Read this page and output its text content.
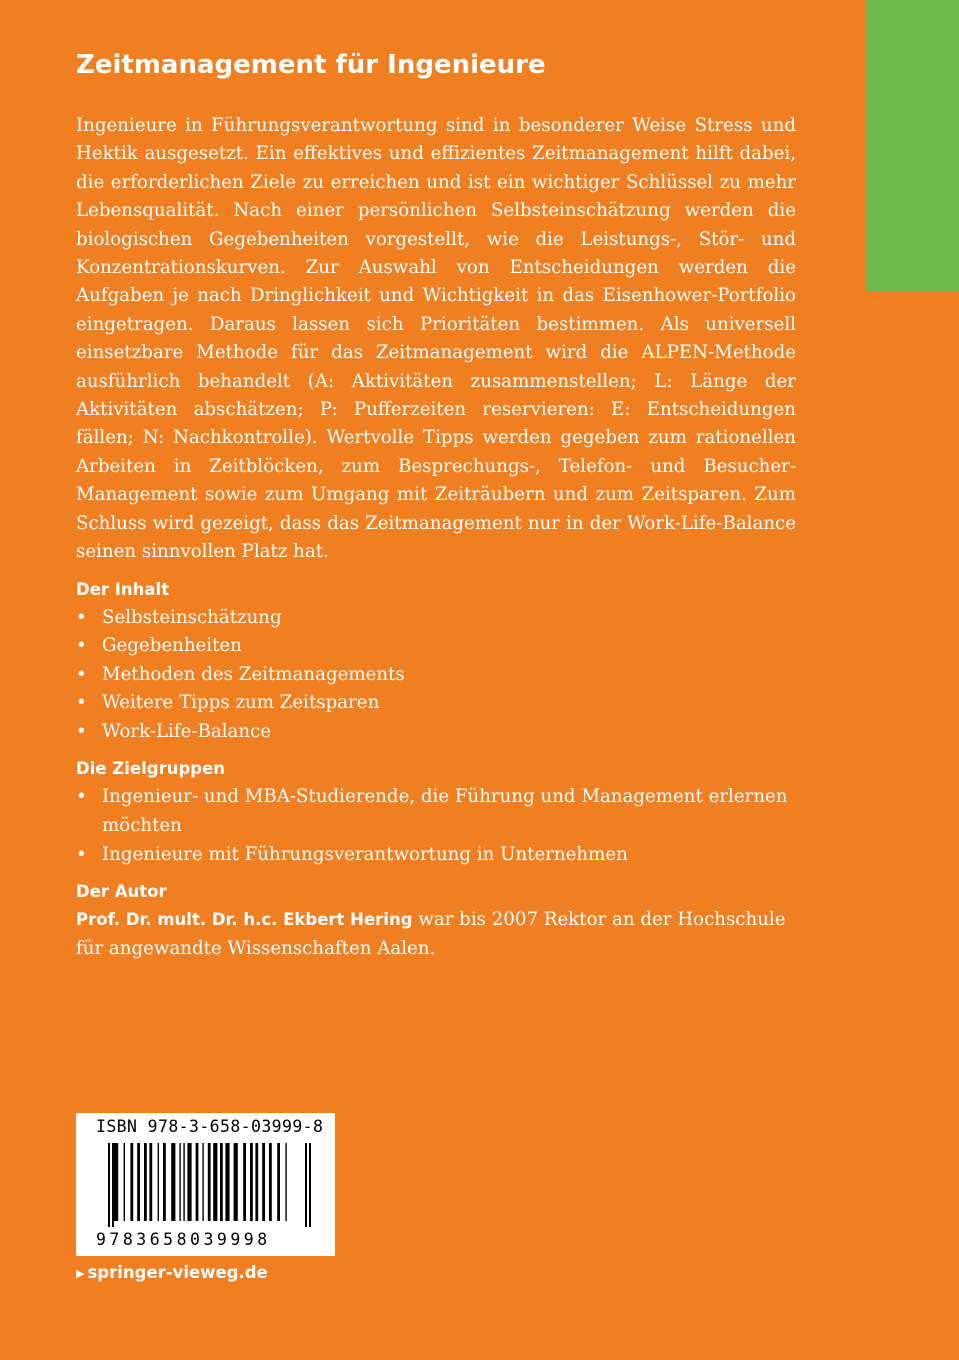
Zeitmanagement für Ingenieure

Ingenieure in Führungsverantwortung sind in besonderer Weise Stress und Hektik ausgesetzt. Ein effektives und effizientes Zeitmanagement hilft dabei, die erforderlichen Ziele zu erreichen und ist ein wichtiger Schlüssel zu mehr Lebensqualität. Nach einer persönlichen Selbsteinschätzung werden die biologischen Gegebenheiten vorgestellt, wie die Leistungs-, Stör- und Konzentrationskurven. Zur Auswahl von Entscheidungen werden die Aufgaben je nach Dringlichkeit und Wichtigkeit in das Eisenhower-Portfolio eingetragen. Daraus lassen sich Prioritäten bestimmen. Als universell einsetzbare Methode für das Zeitmanagement wird die ALPEN-Methode ausführlich behandelt (A: Aktivitäten zusammenstellen; L: Länge der Aktivitäten abschätzen; P: Pufferzeiten reservieren: E: Entscheidungen fällen; N: Nachkontrolle). Wertvolle Tipps werden gegeben zum rationellen Arbeiten in Zeitblöcken, zum Besprechungs-, Telefon- und Besucher-Management sowie zum Umgang mit Zeiträubern und zum Zeitsparen. Zum Schluss wird gezeigt, dass das Zeitmanagement nur in der Work-Life-Balance seinen sinnvollen Platz hat.

Der Inhalt
• Selbsteinschätzung
• Gegebenheiten
• Methoden des Zeitmanagements
• Weitere Tipps zum Zeitsparen
• Work-Life-Balance
Die Zielgruppen
• Ingenieur- und MBA-Studierende, die Führung und Management erlernen möchten
• Ingenieure mit Führungsverantwortung in Unternehmen
Der Autor

Prof. Dr. mult. Dr. h.c. Ekbert Hering war bis 2007 Rektor an der Hochschule für angewandte Wissenschaften Aalen.

ISBN 978-3-658-03999-8
9783658039998
▶ springer-vieweg.de
